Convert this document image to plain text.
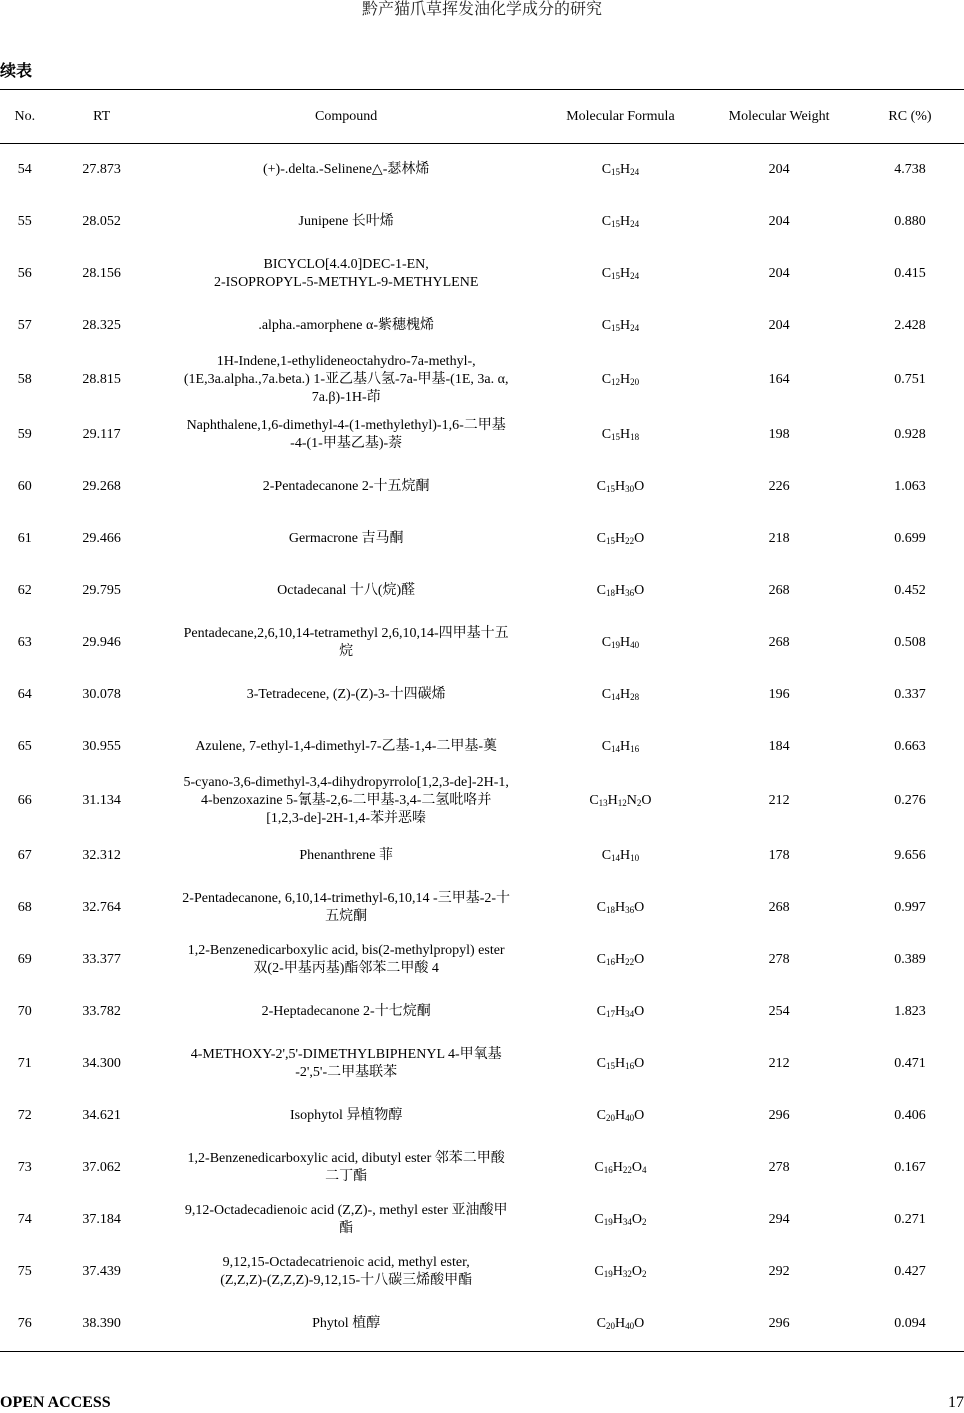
黔产猫爪草挥发油化学成分的研究
续表
No.	RT	Compound	Molecular Formula	Molecular Weight	RC (%)
54	27.873	(+)-.delta.-Selinene△-瑟林烯	$C_{15}H_{24}$	204	4.738
55	28.052	Junipene 长叶烯	$C_{15}H_{24}$	204	0.880
56	28.156	BICYCLO[4.4.0]DEC-1-EN,
2-ISOPROPYL-5-METHYL-9-METHYLENE	$C_{15}H_{24}$	204	0.415
57	28.325	.alpha.-amorphene α-紫穗槐烯	$C_{15}H_{24}$	204	2.428
58	28.815	1H-Indene,1-ethylideneoctahydro-7a-methyl-,
(1E,3a.alpha.,7a.beta.) 1-亚乙基八氢-7a-甲基-(1E, 3a. α,
7a.β)-1H-茚	$C_{12}H_{20}$	164	0.751
59	29.117	Naphthalene,1,6-dimethyl-4-(1-methylethyl)-1,6-二甲基
-4-(1-甲基乙基)-萘	$C_{15}H_{18}$	198	0.928
60	29.268	2-Pentadecanone 2-十五烷酮	$C_{15}H_{30}O$	226	1.063
61	29.466	Germacrone 吉马酮	$C_{15}H_{22}O$	218	0.699
62	29.795	Octadecanal 十八(烷)醛	$C_{18}H_{36}O$	268	0.452
63	29.946	Pentadecane,2,6,10,14-tetramethyl 2,6,10,14-四甲基十五
烷	$C_{19}H_{40}$	268	0.508
64	30.078	3-Tetradecene, (Z)-(Z)-3-十四碳烯	$C_{14}H_{28}$	196	0.337
65	30.955	Azulene, 7-ethyl-1,4-dimethyl-7-乙基-1,4-二甲基-薁	$C_{14}H_{16}$	184	0.663
66	31.134	5-cyano-3,6-dimethyl-3,4-dihydropyrrolo[1,2,3-de]-2H-1,
4-benzoxazine 5-氰基-2,6-二甲基-3,4-二氢吡咯并
[1,2,3-de]-2H-1,4-苯并恶嗪	$C_{13}H_{12}N_2O$	212	0.276
67	32.312	Phenanthrene 菲	$C_{14}H_{10}$	178	9.656
68	32.764	2-Pentadecanone, 6,10,14-trimethyl-6,10,14 -三甲基-2-十
五烷酮	$C_{18}H_{36}O$	268	0.997
69	33.377	1,2-Benzenedicarboxylic acid, bis(2-methylpropyl) ester
双(2-甲基丙基)酯邻苯二甲酸 4	$C_{16}H_{22}O$	278	0.389
70	33.782	2-Heptadecanone 2-十七烷酮	$C_{17}H_{34}O$	254	1.823
71	34.300	4-METHOXY-2',5'-DIMETHYLBIPHENYL 4-甲氧基
-2',5'-二甲基联苯	$C_{15}H_{16}O$	212	0.471
72	34.621	Isophytol 异植物醇	$C_{20}H_{40}O$	296	0.406
73	37.062	1,2-Benzenedicarboxylic acid, dibutyl ester 邻苯二甲酸
二丁酯	$C_{16}H_{22}O_4$	278	0.167
74	37.184	9,12-Octadecadienoic acid (Z,Z)-, methyl ester 亚油酸甲
酯	$C_{19}H_{34}O_2$	294	0.271
75	37.439	9,12,15-Octadecatrienoic acid, methyl ester,
(Z,Z,Z)-(Z,Z,Z)-9,12,15-十八碳三烯酸甲酯	$C_{19}H_{32}O_2$	292	0.427
76	38.390	Phytol 植醇	$C_{20}H_{40}O$	296	0.094
OPEN ACCESS	17
